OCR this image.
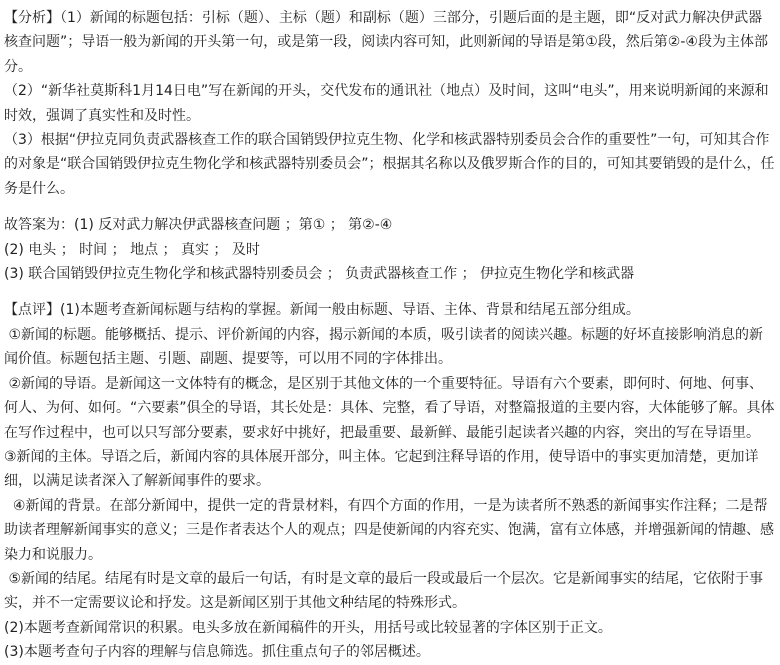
【分析】（1）新闻的标题包括：引标（题）、主标（题）和副标（题）三部分，引题后面的是主题，即“反对武力解决伊武器核查问题”；导语一般为新闻的开头第一句，或是第一段，阅读内容可知，此则新闻的导语是第①段，然后第②-④段为主体部分。

（2）“新华社莫斯科1月14日电”写在新闻的开头，交代发布的通讯社（地点）及时间，这叫“电头”，用来说明新闻的来源和时效，强调了真实性和及时性。

（3）根据“伊拉克同负责武器核查工作的联合国销毁伊拉克生物、化学和核武器特别委员会合作的重要性”一句，可知其合作的对象是“联合国销毁伊拉克生物化学和核武器特别委员会”；根据其名称以及俄罗斯合作的目的，可知其要销毁的是什么，任务是什么。

故答案为：(1) 反对武力解决伊武器核查问题 ；第① ； 第②-④

(2) 电头 ； 时间 ； 地点 ； 真实 ； 及时

(3) 联合国销毁伊拉克生物化学和核武器特别委员会 ； 负责武器核查工作 ； 伊拉克生物化学和核武器

【点评】(1)本题考查新闻标题与结构的掌握。新闻一般由标题、导语、主体、背景和结尾五部分组成。

①新闻的标题。能够概括、提示、评价新闻的内容，揭示新闻的本质，吸引读者的阅读兴趣。标题的好坏直接影响消息的新闻价值。标题包括主题、引题、副题、提要等，可以用不同的字体排出。

②新闻的导语。是新闻这一文体特有的概念，是区别于其他文体的一个重要特征。导语有六个要素，即何时、何地、何事、何人、为何、如何。“六要素”俱全的导语，其长处是：具体、完整，看了导语，对整篇报道的主要内容，大体能够了解。具体在写作过程中，也可以只写部分要素，要求好中挑好，把最重要、最新鲜、最能引起读者兴趣的内容，突出的写在导语里。

③新闻的主体。导语之后，新闻内容的具体展开部分，叫主体。它起到注释导语的作用，使导语中的事实更加清楚，更加详细，以满足读者深入了解新闻事件的要求。

④新闻的背景。在部分新闻中，提供一定的背景材料，有四个方面的作用，一是为读者所不熟悉的新闻事实作注释；二是帮助读者理解新闻事实的意义；三是作者表达个人的观点；四是使新闻的内容充实、饱满，富有立体感，并增强新闻的情趣、感染力和说服力。

⑤新闻的结尾。结尾有时是文章的最后一句话，有时是文章的最后一段或最后一个层次。它是新闻事实的结尾，它依附于事实，并不一定需要议论和抒发。这是新闻区别于其他文种结尾的特殊形式。

(2)本题考查新闻常识的积累。电头多放在新闻稿件的开头，用括号或比较显著的字体区别于正文。

(3)本题考查句子内容的理解与信息筛选。抓住重点句子的邻居概述。
